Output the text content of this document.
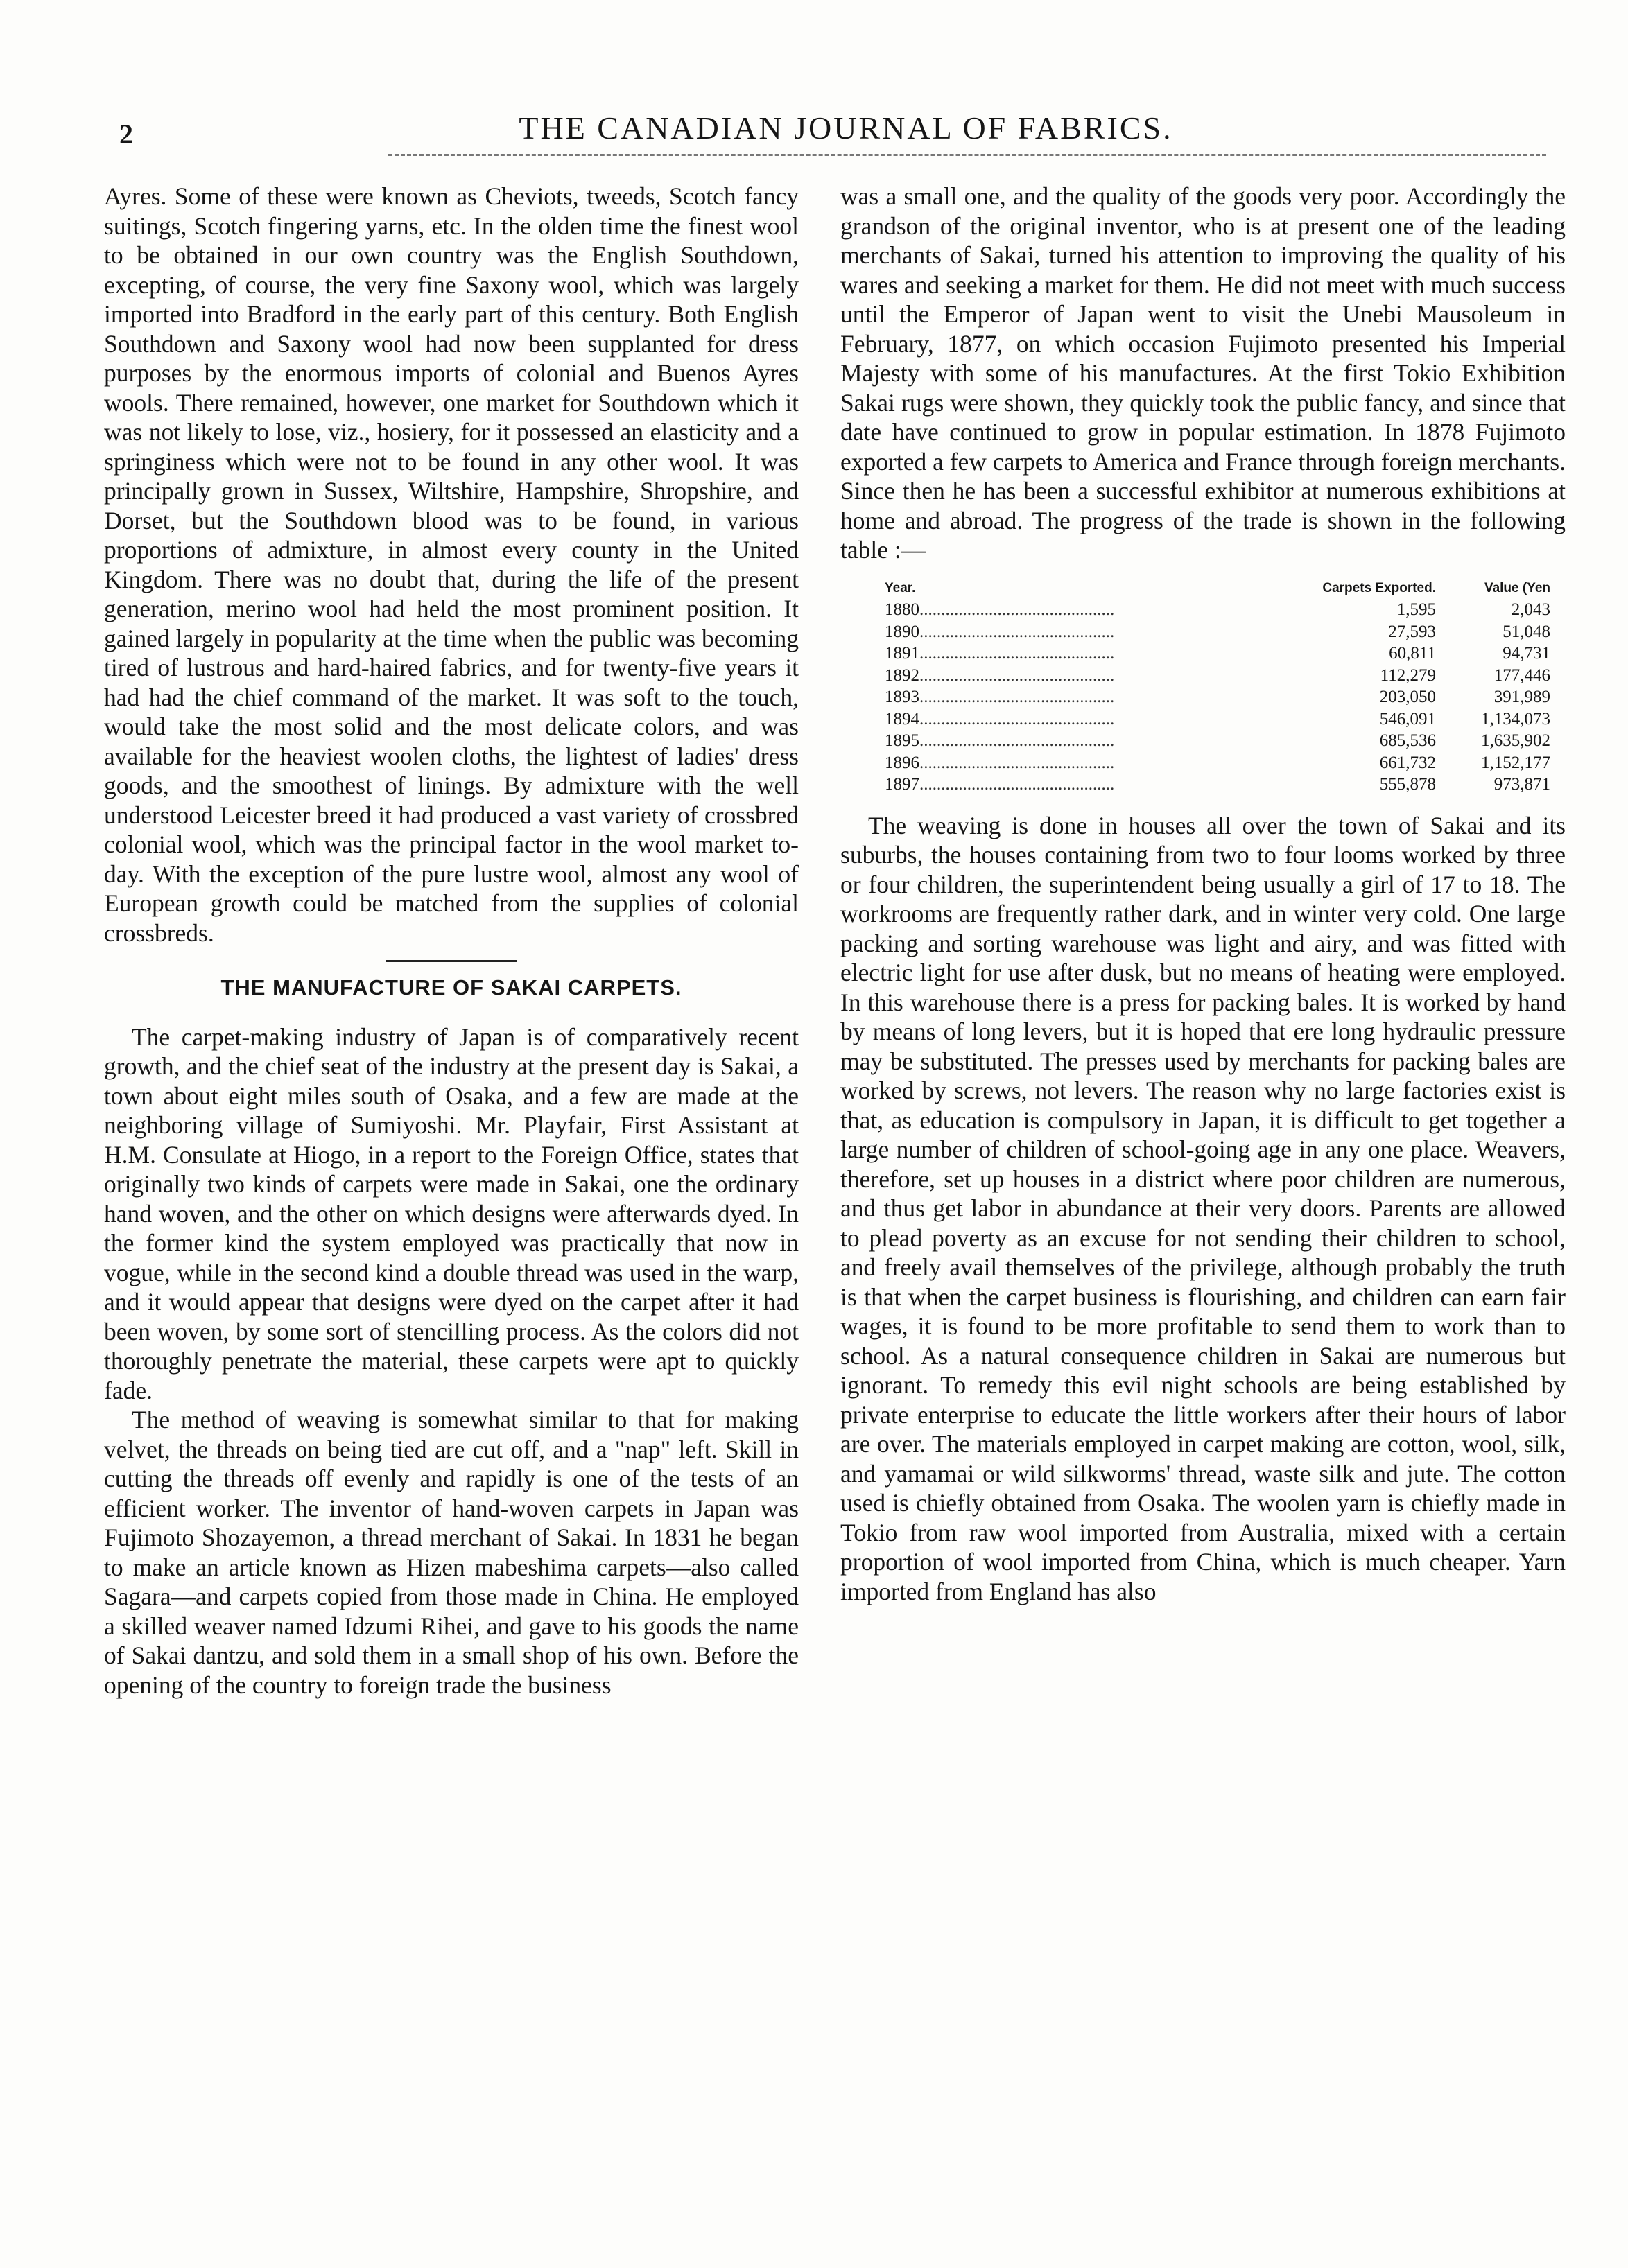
2	THE CANADIAN JOURNAL OF FABRICS.

Ayres. Some of these were known as Cheviots, tweeds, Scotch fancy suitings, Scotch fingering yarns, etc. In the olden time the finest wool to be obtained in our own country was the English Southdown, excepting, of course, the very fine Saxony wool, which was largely imported into Bradford in the early part of this century. Both English Southdown and Saxony wool had now been supplanted for dress purposes by the enormous imports of colonial and Buenos Ayres wools. There remained, however, one market for Southdown which it was not likely to lose, viz., hosiery, for it possessed an elasticity and a springiness which were not to be found in any other wool. It was principally grown in Sussex, Wiltshire, Hampshire, Shropshire, and Dorset, but the Southdown blood was to be found, in various proportions of admixture, in almost every county in the United Kingdom. There was no doubt that, during the life of the present generation, merino wool had held the most prominent position. It gained largely in popularity at the time when the public was becoming tired of lustrous and hard-haired fabrics, and for twenty-five years it had had the chief command of the market. It was soft to the touch, would take the most solid and the most delicate colors, and was available for the heaviest woolen cloths, the lightest of ladies' dress goods, and the smoothest of linings. By admixture with the well understood Leicester breed it had produced a vast variety of crossbred colonial wool, which was the principal factor in the wool market to-day. With the exception of the pure lustre wool, almost any wool of European growth could be matched from the supplies of colonial crossbreds.

THE MANUFACTURE OF SAKAI CARPETS.

The carpet-making industry of Japan is of comparatively recent growth, and the chief seat of the industry at the present day is Sakai, a town about eight miles south of Osaka, and a few are made at the neighboring village of Sumiyoshi. Mr. Playfair, First Assistant at H.M. Consulate at Hiogo, in a report to the Foreign Office, states that originally two kinds of carpets were made in Sakai, one the ordinary hand woven, and the other on which designs were afterwards dyed. In the former kind the system employed was practically that now in vogue, while in the second kind a double thread was used in the warp, and it would appear that designs were dyed on the carpet after it had been woven, by some sort of stencilling process. As the colors did not thoroughly penetrate the material, these carpets were apt to quickly fade.

The method of weaving is somewhat similar to that for making velvet, the threads on being tied are cut off, and a "nap" left. Skill in cutting the threads off evenly and rapidly is one of the tests of an efficient worker. The inventor of hand-woven carpets in Japan was Fujimoto Shozayemon, a thread merchant of Sakai. In 1831 he began to make an article known as Hizen mabeshima carpets—also called Sagara—and carpets copied from those made in China. He employed a skilled weaver named Idzumi Rihei, and gave to his goods the name of Sakai dantzu, and sold them in a small shop of his own. Before the opening of the country to foreign trade the business

was a small one, and the quality of the goods very poor. Accordingly the grandson of the original inventor, who is at present one of the leading merchants of Sakai, turned his attention to improving the quality of his wares and seeking a market for them. He did not meet with much success until the Emperor of Japan went to visit the Unebi Mausoleum in February, 1877, on which occasion Fujimoto presented his Imperial Majesty with some of his manufactures. At the first Tokio Exhibition Sakai rugs were shown, they quickly took the public fancy, and since that date have continued to grow in popular estimation. In 1878 Fujimoto exported a few carpets to America and France through foreign merchants. Since then he has been a successful exhibitor at numerous exhibitions at home and abroad. The progress of the trade is shown in the following table :—

Year.	Carpets Exported.	Value (Yen
1880.............................................	1,595	2,043
1890.............................................	27,593	51,048
1891.............................................	60,811	94,731
1892.............................................	112,279	177,446
1893.............................................	203,050	391,989
1894.............................................	546,091	1,134,073
1895.............................................	685,536	1,635,902
1896.............................................	661,732	1,152,177
1897.............................................	555,878	973,871

The weaving is done in houses all over the town of Sakai and its suburbs, the houses containing from two to four looms worked by three or four children, the superintendent being usually a girl of 17 to 18. The workrooms are frequently rather dark, and in winter very cold. One large packing and sorting warehouse was light and airy, and was fitted with electric light for use after dusk, but no means of heating were employed. In this warehouse there is a press for packing bales. It is worked by hand by means of long levers, but it is hoped that ere long hydraulic pressure may be substituted. The presses used by merchants for packing bales are worked by screws, not levers. The reason why no large factories exist is that, as education is compulsory in Japan, it is difficult to get together a large number of children of school-going age in any one place. Weavers, therefore, set up houses in a district where poor children are numerous, and thus get labor in abundance at their very doors. Parents are allowed to plead poverty as an excuse for not sending their children to school, and freely avail themselves of the privilege, although probably the truth is that when the carpet business is flourishing, and children can earn fair wages, it is found to be more profitable to send them to work than to school. As a natural consequence children in Sakai are numerous but ignorant. To remedy this evil night schools are being established by private enterprise to educate the little workers after their hours of labor are over. The materials employed in carpet making are cotton, wool, silk, and yamamai or wild silkworms' thread, waste silk and jute. The cotton used is chiefly obtained from Osaka. The woolen yarn is chiefly made in Tokio from raw wool imported from Australia, mixed with a certain proportion of wool imported from China, which is much cheaper. Yarn imported from England has also
